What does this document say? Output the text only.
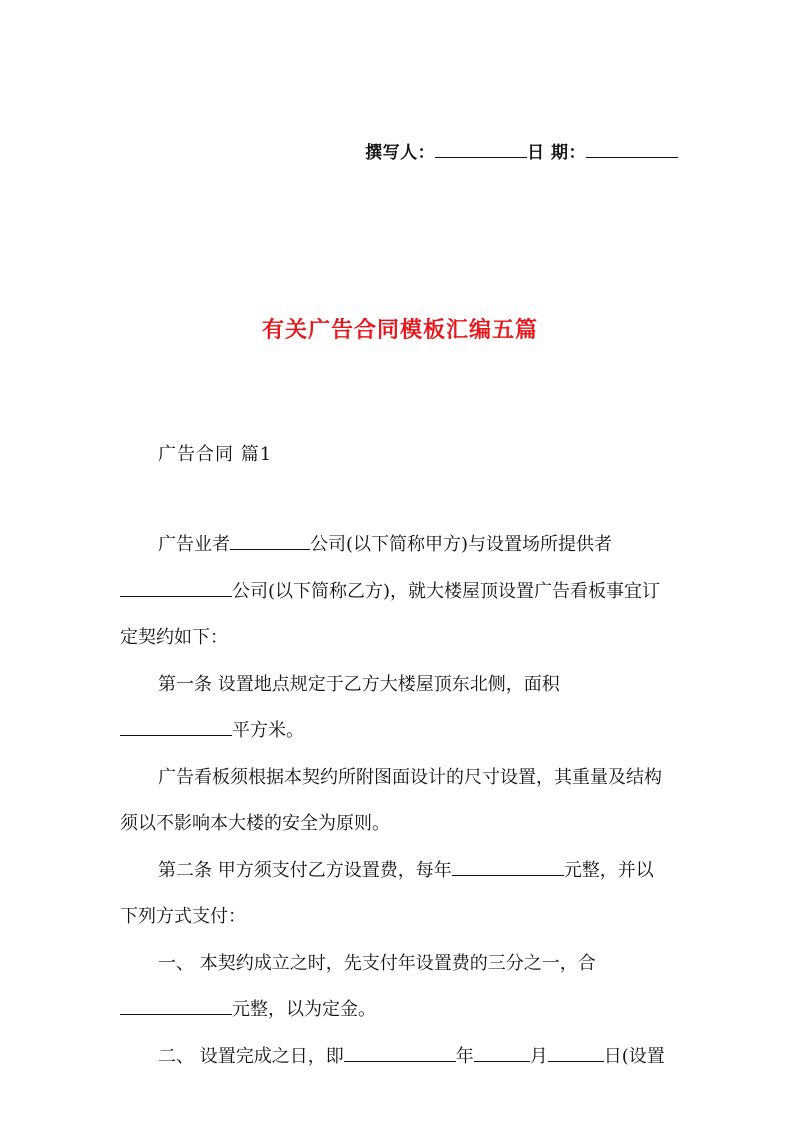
撰写人：	日 期：
有关广告合同模板汇编五篇
广告合同 篇1
广告业者	公司(以下简称甲方)与设置场所提供者
公司(以下简称乙方)，就大楼屋顶设置广告看板事宜订
定契约如下：
第一条 设置地点规定于乙方大楼屋顶东北侧，面积
平方米。
广告看板须根据本契约所附图面设计的尺寸设置，其重量及结构
须以不影响本大楼的安全为原则。
第二条 甲方须支付乙方设置费，每年	元整，并以
下列方式支付：
一、 本契约成立之时，先支付年设置费的三分之一，合
元整，以为定金。
二、 设置完成之日，即	年	月	日(设置
